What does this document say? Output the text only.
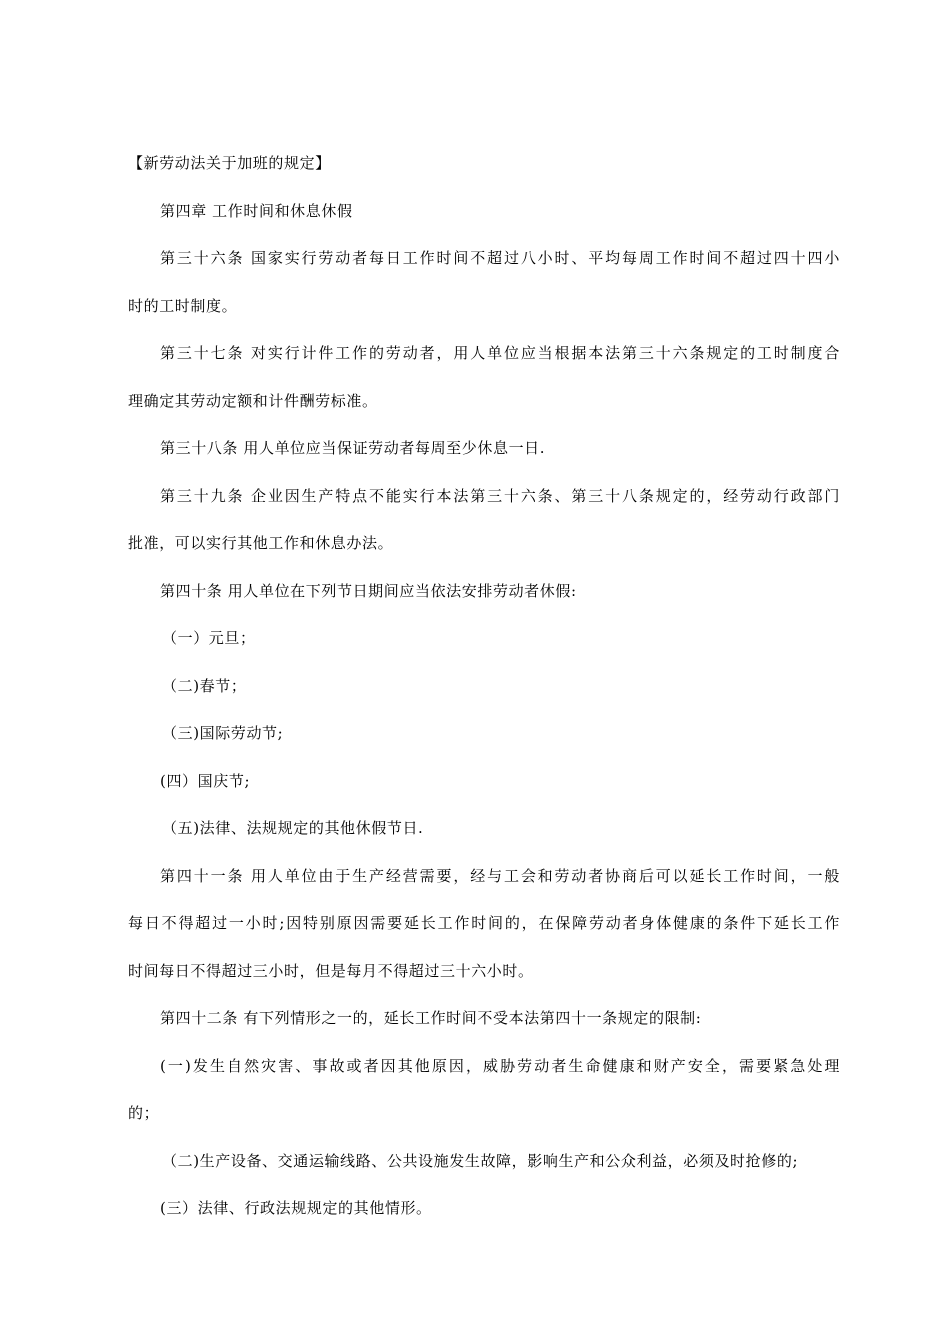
【新劳动法关于加班的规定】
第四章 工作时间和休息休假
第三十六条 国家实行劳动者每日工作时间不超过八小时、平均每周工作时间不超过四十四小
时的工时制度。
第三十七条 对实行计件工作的劳动者，用人单位应当根据本法第三十六条规定的工时制度合
理确定其劳动定额和计件酬劳标准。
第三十八条 用人单位应当保证劳动者每周至少休息一日.
第三十九条 企业因生产特点不能实行本法第三十六条、第三十八条规定的，经劳动行政部门
批准，可以实行其他工作和休息办法。
第四十条 用人单位在下列节日期间应当依法安排劳动者休假:
（一）元旦；
（二)春节；
（三)国际劳动节;
(四）国庆节;
（五)法律、法规规定的其他休假节日.
第四十一条 用人单位由于生产经营需要，经与工会和劳动者协商后可以延长工作时间，一般
每日不得超过一小时;因特别原因需要延长工作时间的，在保障劳动者身体健康的条件下延长工作
时间每日不得超过三小时，但是每月不得超过三十六小时。
第四十二条 有下列情形之一的，延长工作时间不受本法第四十一条规定的限制:
(一)发生自然灾害、事故或者因其他原因，威胁劳动者生命健康和财产安全，需要紧急处理
的；
（二)生产设备、交通运输线路、公共设施发生故障，影响生产和公众利益，必须及时抢修的;
(三）法律、行政法规规定的其他情形。
